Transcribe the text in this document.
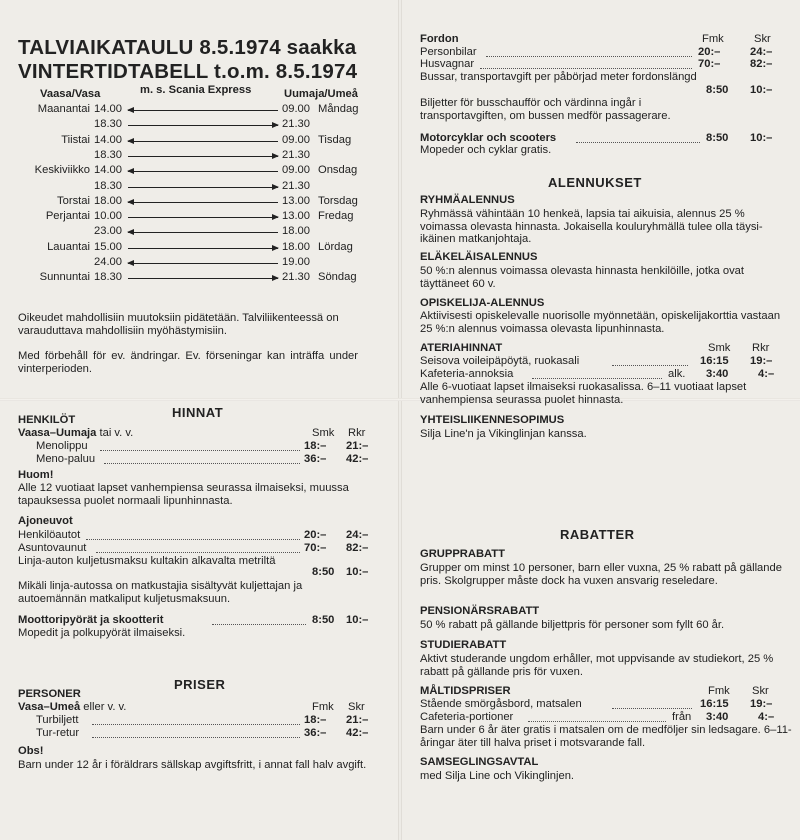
TALVIAIKATAULU 8.5.1974 saakka
VINTERTIDTABELL t.o.m. 8.5.1974
Vaasa/Vasa	m. s. Scania Express	Uumaja/Umeå
Maanantai 14.00	09.00 Måndag
18.30	21.30
Tiistai 14.00	09.00 Tisdag
18.30	21.30
Keskiviikko 14.00	09.00 Onsdag
18.30	21.30
Torstai 18.00	13.00 Torsdag
Perjantai 10.00	13.00 Fredag
23.00	18.00
Lauantai 15.00	18.00 Lördag
24.00	19.00
Sunnuntai 18.30	21.30 Söndag
Oikeudet mahdollisiin muutoksiin pidätetään. Talviliikenteessä on varauduttava mahdollisiin myöhästymisiin.
Med förbehåll för ev. ändringar. Ev. förseningar kan inträffa under vinterperioden.
HINNAT
HENKILÖT
Vaasa–Uumaja tai v. v.	Smk Rkr
Menolippu	18:– 21:–
Meno-paluu	36:– 42:–
Huom!
Alle 12 vuotiaat lapset vanhempiensa seurassa ilmaiseksi, muussa tapauksessa puolet normaali lipunhinnasta.
Ajoneuvot
Henkilöautot	20:– 24:–
Asuntovaunut	70:– 82:–
Linja-auton kuljetusmaksu kultakin alkavalta metriltä
8:50 10:–
Mikäli linja-autossa on matkustajia sisältyvät kuljettajan ja autoemännän matkaliput kuljetusmaksuun.
Moottoripyörät ja skootterit	8:50 10:–
Mopedit ja polkupyörät ilmaiseksi.
PRISER
PERSONER
Vasa–Umeå eller v. v.	Fmk Skr
Turbiljett	18:– 21:–
Tur-retur	36:– 42:–
Obs!
Barn under 12 år i föräldrars sällskap avgiftsfritt, i annat fall halv avgift.
Fordon	Fmk	Skr
Personbilar	20:–	24:–
Husvagnar	70:–	82:–
Bussar, transportavgift per påbörjad meter fordonslängd
8:50 10:–
Biljetter för busschaufför och värdinna ingår i transportavgiften, om bussen medför passagerare.
Motorcyklar och scooters	8:50 10:–
Mopeder och cyklar gratis.
ALENNUKSET
RYHMÄALENNUS
Ryhmässä vähintään 10 henkeä, lapsia tai aikuisia, alennus 25 % voimassa olevasta hinnasta. Jokaisella kouluryhmällä tulee olla täysi-ikäinen matkanjohtaja.
ELÄKELÄISALENNUS
50 %:n alennus voimassa olevasta hinnasta henkilöille, jotka ovat täyttäneet 60 v.
OPISKELIJA-ALENNUS
Aktiivisesti opiskelevalle nuorisolle myönnetään, opiskelijakorttia vastaan 25 %:n alennus voimassa olevasta lipunhinnasta.
ATERIAHINNAT	Smk Rkr
Seisova voileipäpöytä, ruokasali	16:15 19:–
Kafeteria-annoksia	alk. 3:40	4:–
Alle 6-vuotiaat lapset ilmaiseksi ruokasalissa. 6–11 vuotiaat lapset vanhempiensa seurassa puolet hinnasta.
YHTEISLIIKENNESOPIMUS
Silja Line'n ja Vikinglinjan kanssa.
RABATTER
GRUPPRABATT
Grupper om minst 10 personer, barn eller vuxna, 25 % rabatt på gällande pris. Skolgrupper måste dock ha vuxen ansvarig reseledare.
PENSIONÄRSRABATT
50 % rabatt på gällande biljettpris för personer som fyllt 60 år.
STUDIERABATT
Aktivt studerande ungdom erhåller, mot uppvisande av studiekort, 25 % rabatt på gällande pris för vuxen.
MÅLTIDSPRISER	Fmk Skr
Stående smörgåsbord, matsalen	16:15 19:–
Cafeteria-portioner	från 3:40	4:–
Barn under 6 år äter gratis i matsalen om de medföljer sin ledsagare. 6–11-åringar äter till halva priset i motsvarande fall.
SAMSEGLINGSAVTAL
med Silja Line och Vikinglinjen.
